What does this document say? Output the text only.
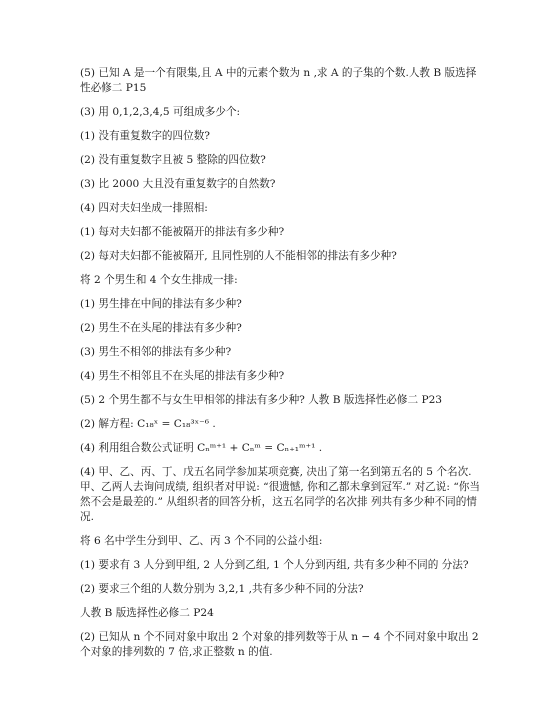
(5) 已知 A 是一个有限集,且 A 中的元素个数为 n ,求 A 的子集的个数.人教 B 版选择性必修二 P15

(3) 用 0,1,2,3,4,5 可组成多少个:

(1) 没有重复数字的四位数?

(2) 没有重复数字且被 5 整除的四位数?

(3) 比 2000 大且没有重复数字的自然数?

(4) 四对夫妇坐成一排照相:

(1) 每对夫妇都不能被隔开的排法有多少种?

(2) 每对夫妇都不能被隔开, 且同性别的人不能相邻的排法有多少种?

将 2 个男生和 4 个女生排成一排:

(1) 男生排在中间的排法有多少种?

(2) 男生不在头尾的排法有多少种?

(3) 男生不相邻的排法有多少种?

(4) 男生不相邻且不在头尾的排法有多少种?

(5) 2 个男生都不与女生甲相邻的排法有多少种? 人教 B 版选择性必修二 P23

(2) 解方程: C₁₈ˣ = C₁₈³ˣ⁻⁶ .

(4) 利用组合数公式证明 Cₙᵐ⁺¹ + Cₙᵐ = Cₙ₊₁ᵐ⁺¹ .

(4) 甲、乙、丙、丁、戊五名同学参加某项竞赛, 决出了第一名到第五名的 5 个名次. 甲、乙两人去询问成绩, 组织者对甲说: “很遗憾, 你和乙都未拿到冠军.” 对乙说: “你当然不会是最差的.” 从组织者的回答分析，这五名同学的名次排 列共有多少种不同的情况.

将 6 名中学生分到甲、乙、丙 3 个不同的公益小组:

(1) 要求有 3 人分到甲组, 2 人分到乙组, 1 个人分到丙组, 共有多少种不同的 分法?

(2) 要求三个组的人数分别为 3,2,1 ,共有多少种不同的分法?

人教 B 版选择性必修二 P24

(2) 已知从 n 个不同对象中取出 2 个对象的排列数等于从 n − 4 个不同对象中取出 2 个对象的排列数的 7 倍,求正整数 n 的值.
